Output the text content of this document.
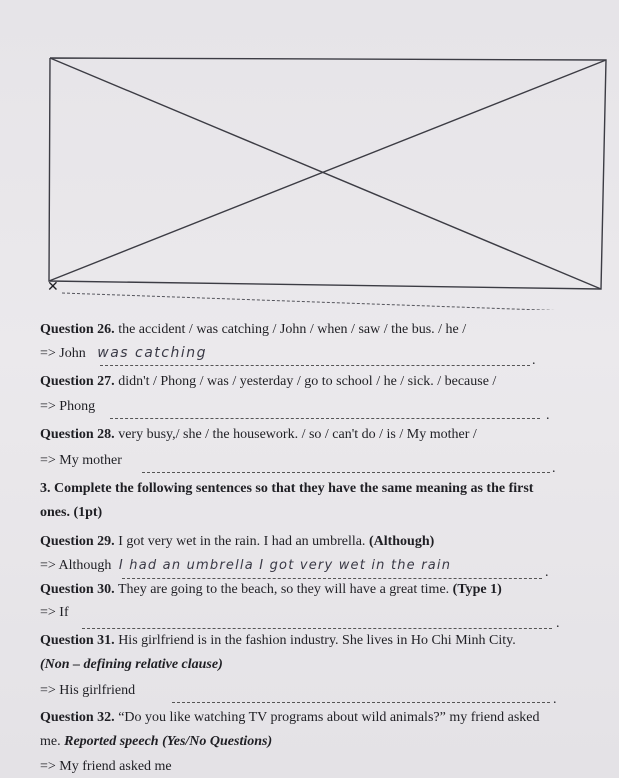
✕
Question 26. the accident / was catching / John / when / saw / the bus. / he /
=> John was catching	.
Question 27. didn't / Phong / was / yesterday / go to school / he / sick. / because /
=> Phong
.
Question 28. very busy,/ she / the housework. / so / can't do / is / My mother /
=> My mother
.
3. Complete the following sentences so that they have the same meaning as the first
ones. (1pt)
Question 29. I got very wet in the rain. I had an umbrella. (Although)
=> Although I had an umbrella I got very wet in the rain	.
Question 30. They are going to the beach, so they will have a great time. (Type 1)
=> If
.
Question 31. His girlfriend is in the fashion industry. She lives in Ho Chi Minh City.
(Non – defining relative clause)
=> His girlfriend
.
Question 32. “Do you like watching TV programs about wild animals?” my friend asked
me. Reported speech (Yes/No Questions)
=> My friend asked me
